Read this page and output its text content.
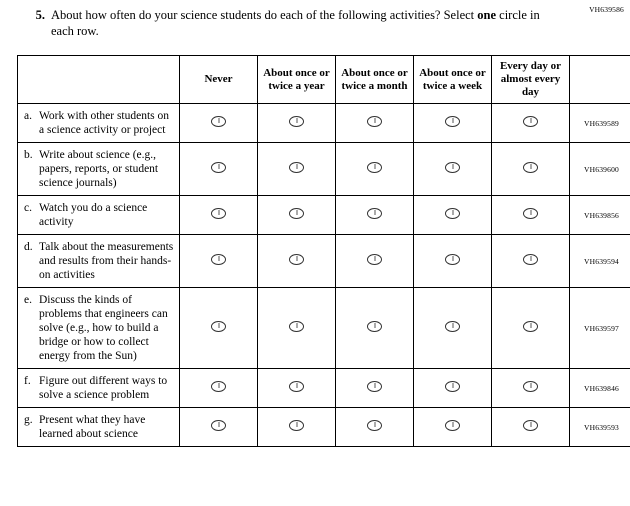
VH639586
5. About how often do your science students do each of the following activities? Select one circle in each row.
	Never	About once or twice a year	About once or twice a month	About once or twice a week	Every day or almost every day	

a. Work with other students on a science activity or project						VH639589

b. Write about science (e.g., papers, reports, or student science journals)						VH639600

c. Watch you do a science activity						VH639856

d. Talk about the measurements and results from their hands-on activities						VH639594

e. Discuss the kinds of problems that engineers can solve (e.g., how to build a bridge or how to collect energy from the Sun)						VH639597

f. Figure out different ways to solve a science problem						VH639846

g. Present what they have learned about science						VH639593
